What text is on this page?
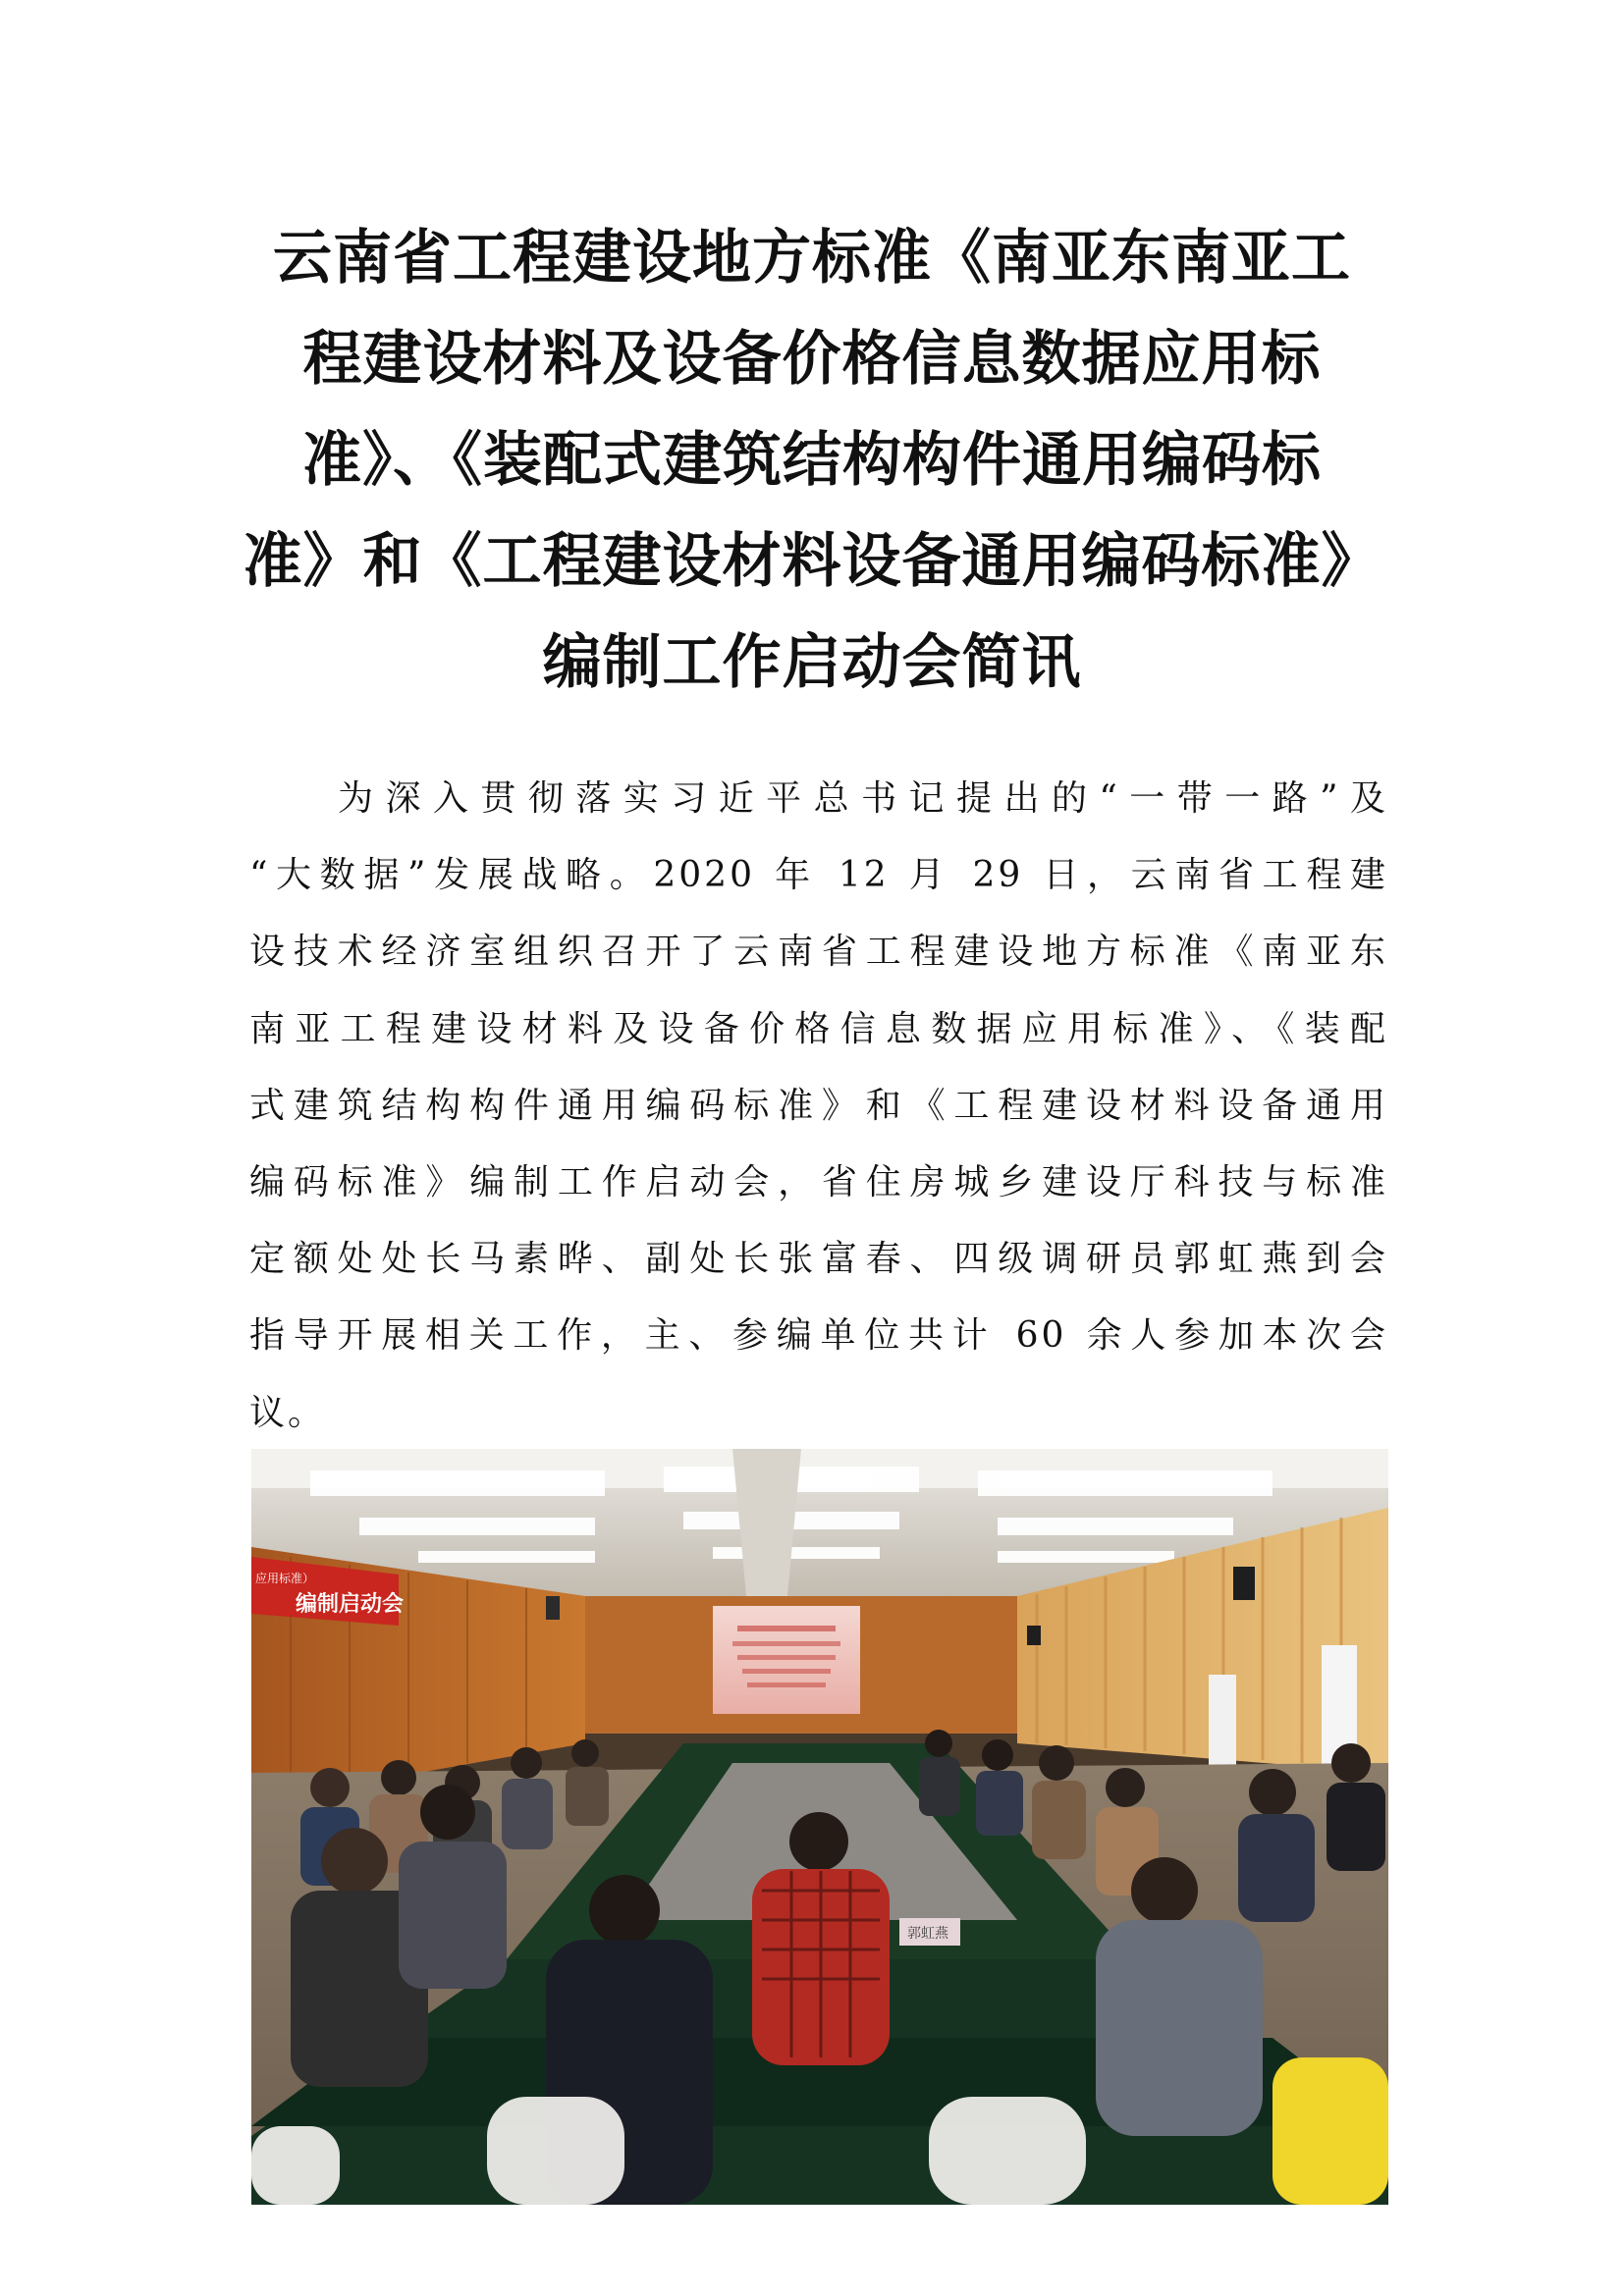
云南省工程建设地方标准《南亚东南亚工
程建设材料及设备价格信息数据应用标
准》、《装配式建筑结构构件通用编码标
准》和《工程建设材料设备通用编码标准》
编制工作启动会简讯
为深入贯彻落实习近平总书记提出的“一带一路”及
“大数据”发展战略。2020 年 12 月 29 日，云南省工程建
设技术经济室组织召开了云南省工程建设地方标准《南亚东
南亚工程建设材料及设备价格信息数据应用标准》、《装配
式建筑结构构件通用编码标准》和《工程建设材料设备通用
编码标准》编制工作启动会，省住房城乡建设厅科技与标准
定额处处长马素晔、副处长张富春、四级调研员郭虹燕到会
指导开展相关工作，主、参编单位共计 60 余人参加本次会
议。
编制启动会
应用标准）
郭虹燕
